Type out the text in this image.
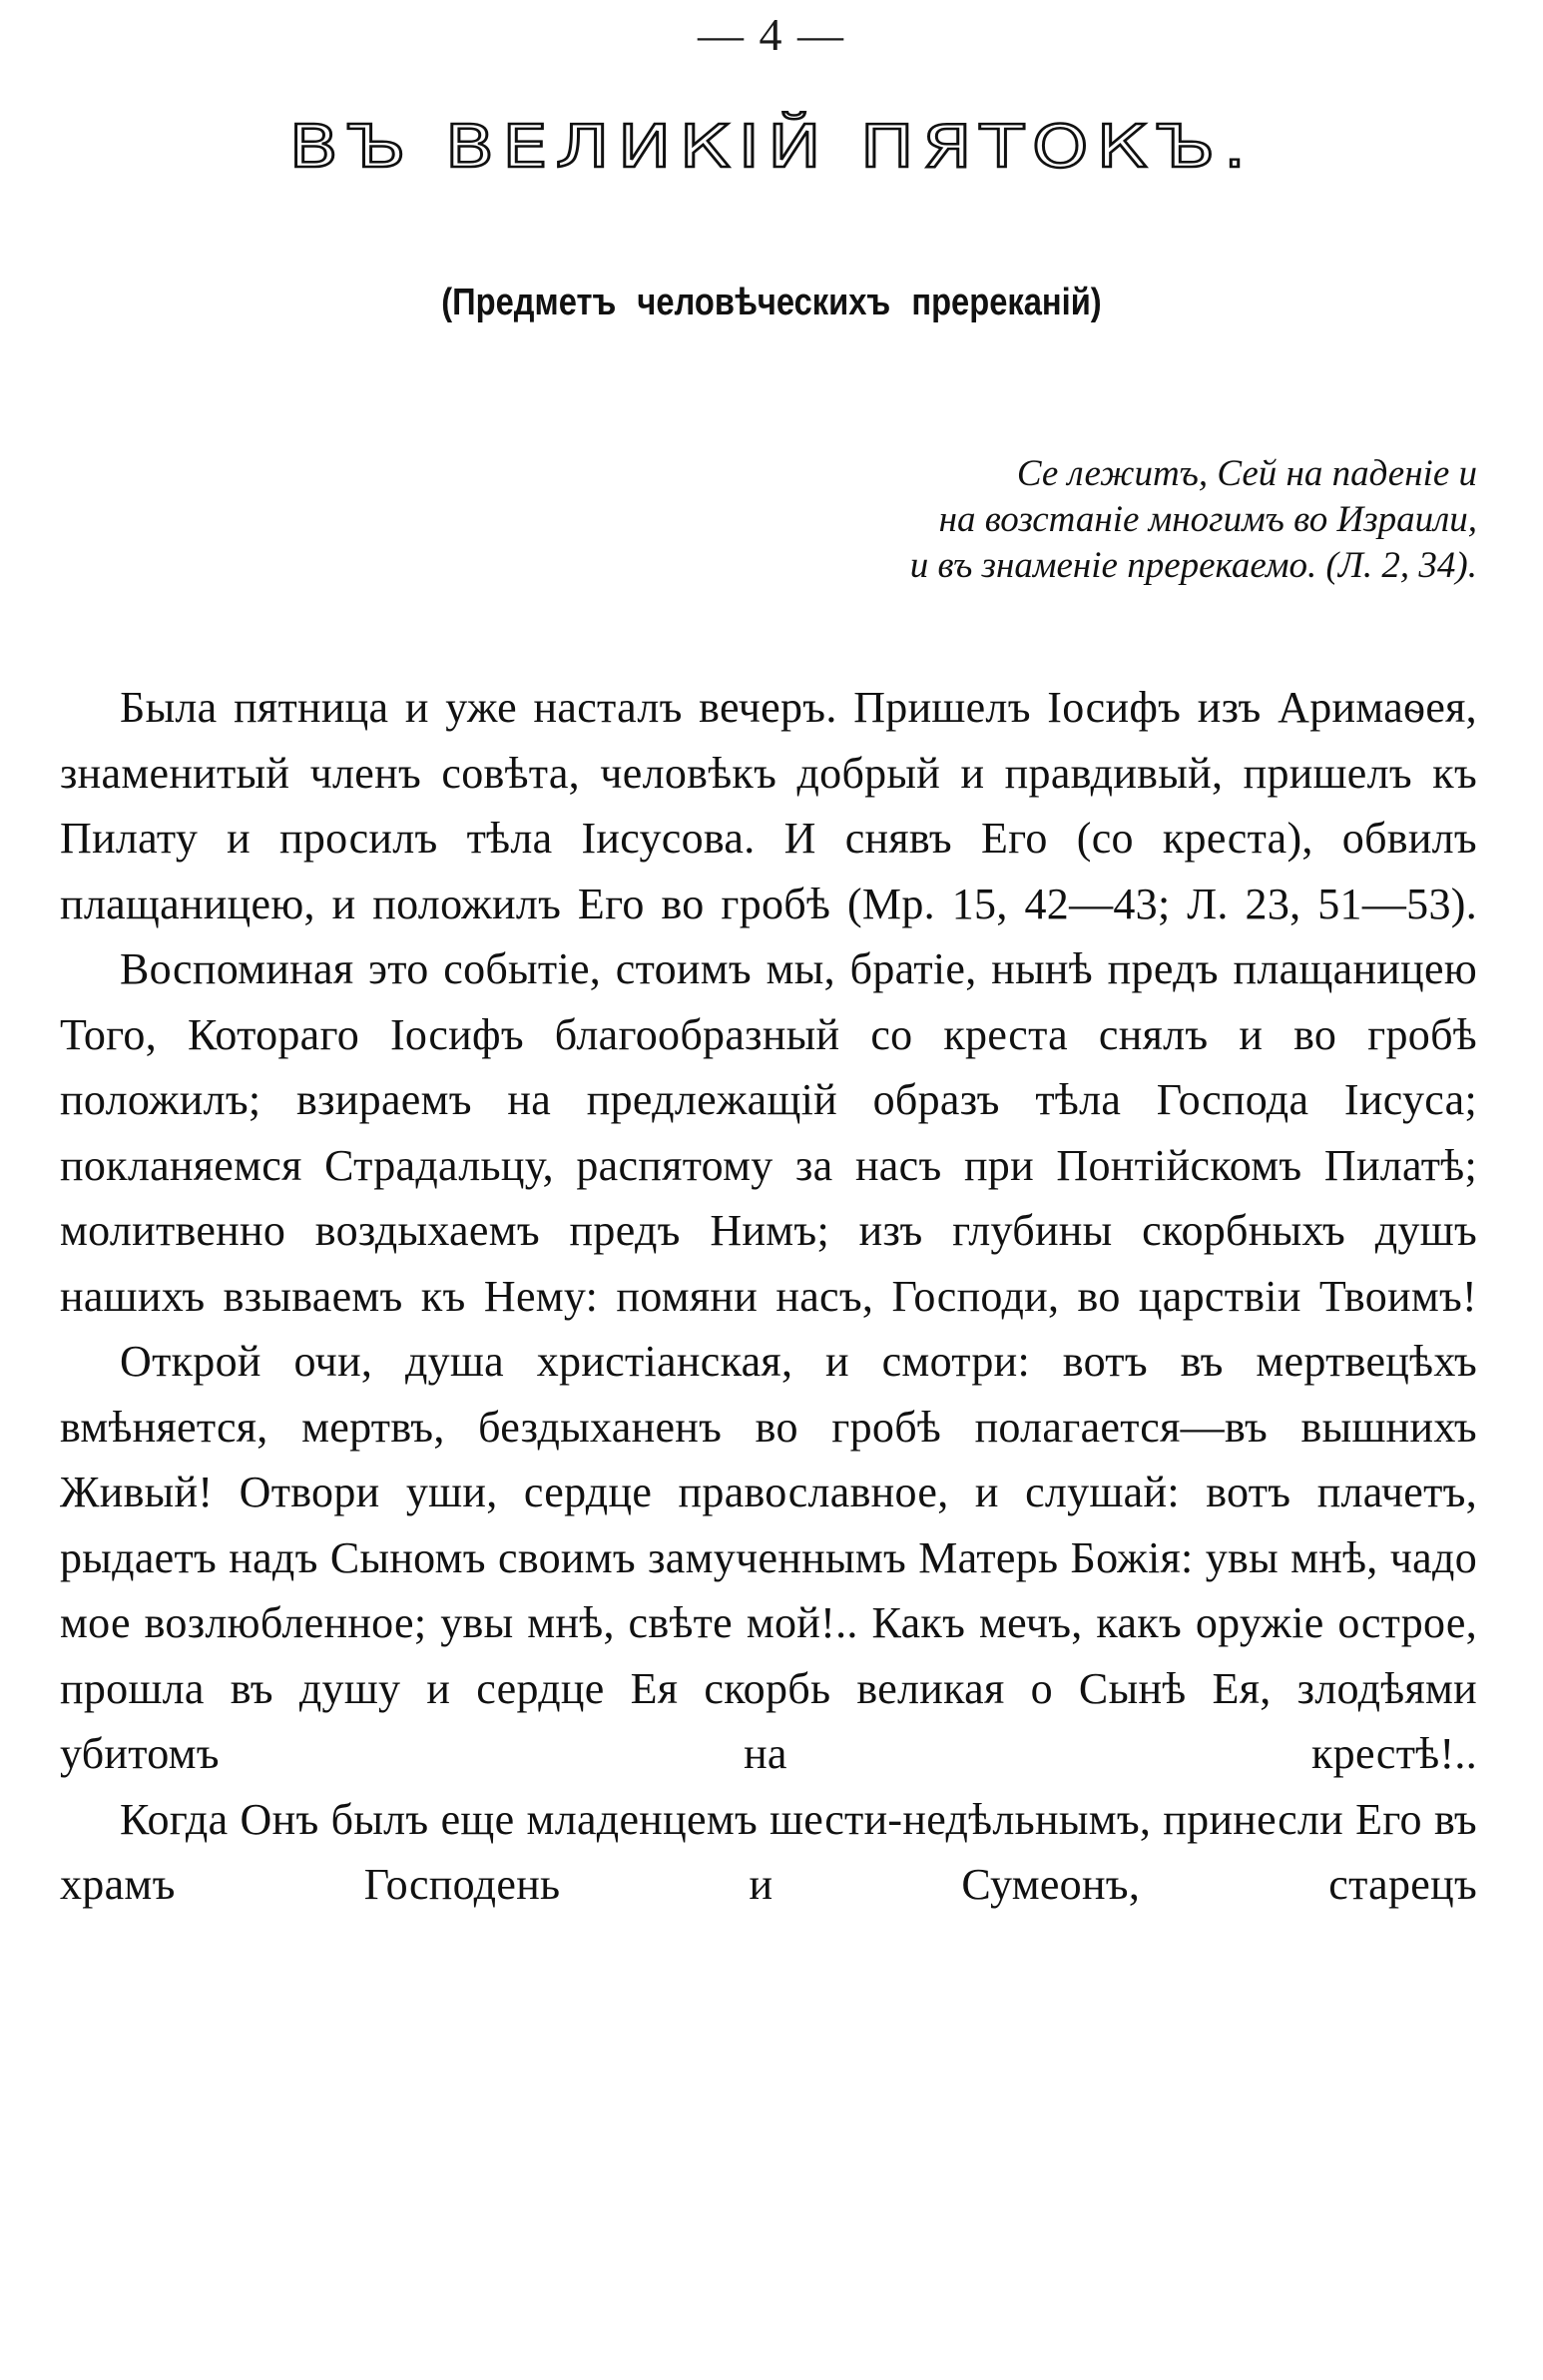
— 4 —
ВЪ ВЕЛИКІЙ ПЯТОКЪ.
(Предметъ человѣческихъ пререканій)
Се лежитъ, Сей на паденіе и
на возстаніе многимъ во Израили,
и въ знаменіе пререкаемо. (Л. 2, 34).

Была пятница и уже насталъ вечеръ. Пришелъ Іосифъ изъ Аримаѳея, знаменитый членъ совѣта, человѣкъ добрый и правдивый, пришелъ къ Пилату и просилъ тѣла Іисусова. И снявъ Его (со креста), обвилъ плащаницею, и положилъ Его во гробѣ (Мр. 15, 42—43; Л. 23, 51—53).

Воспоминая это событіе, стоимъ мы, братіе, нынѣ предъ плащаницею Того, Котораго Іосифъ благообразный со креста снялъ и во гробѣ положилъ; взираемъ на предлежащій образъ тѣла Господа Іисуса; покланяемся Страдальцу, распятому за насъ при Понтійскомъ Пилатѣ; молитвенно воздыхаемъ предъ Нимъ; изъ глубины скорбныхъ душъ нашихъ взываемъ къ Нему: помяни насъ, Господи, во царствіи Твоимъ!

Открой очи, душа христіанская, и смотри: вотъ въ мертвецѣхъ вмѣняется, мертвъ, бездыханенъ во гробѣ полагается—въ вышнихъ Живый! Отвори уши, сердце православное, и слушай: вотъ плачетъ, рыдаетъ надъ Сыномъ своимъ замученнымъ Матерь Божія: увы мнѣ, чадо мое возлюбленное; увы мнѣ, свѣте мой!.. Какъ мечъ, какъ оружіе острое, прошла въ душу и сердце Ея скорбь великая о Сынѣ Ея, злодѣями убитомъ на крестѣ!..

Когда Онъ былъ еще младенцемъ шести-недѣльнымъ, принесли Его въ храмъ Господень и Сумеонъ, старецъ
